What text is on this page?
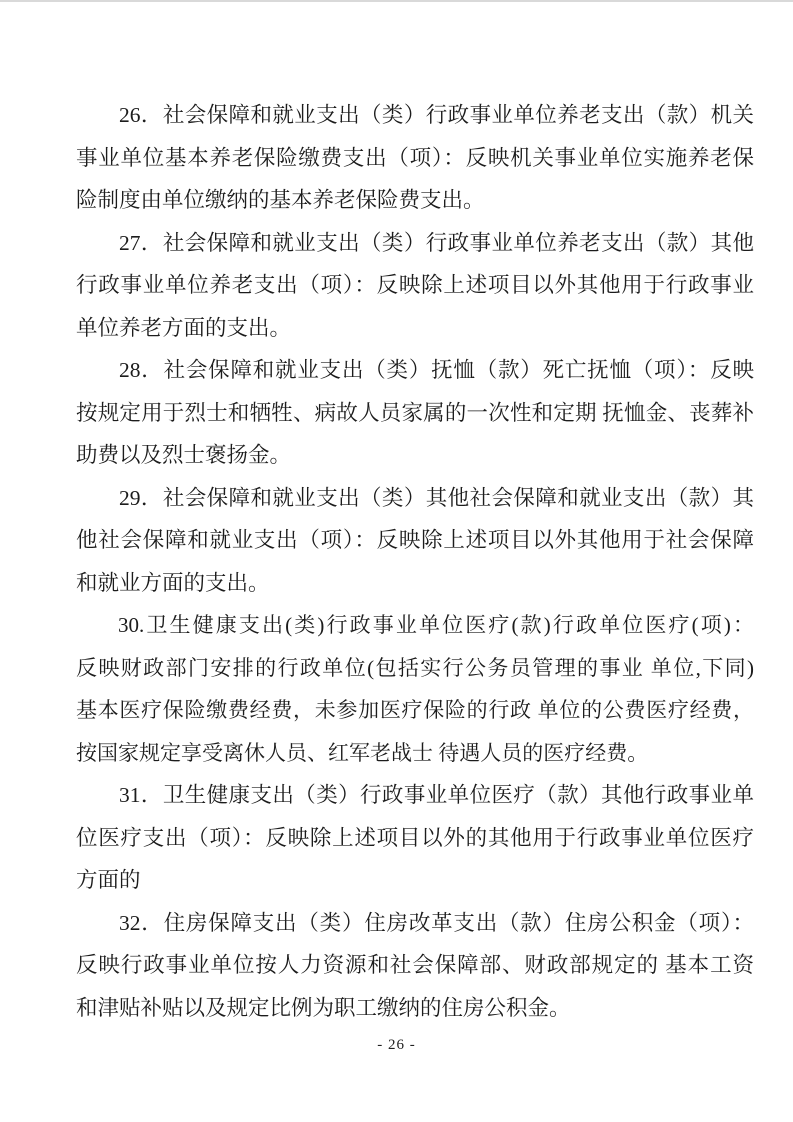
26．社会保障和就业支出（类）行政事业单位养老支出（款）机关
事业单位基本养老保险缴费支出（项）：反映机关事业单位实施养老保
险制度由单位缴纳的基本养老保险费支出。
27．社会保障和就业支出（类）行政事业单位养老支出（款）其他
行政事业单位养老支出（项）：反映除上述项目以外其他用于行政事业
单位养老方面的支出。
28．社会保障和就业支出（类）抚恤（款）死亡抚恤（项）：反映
按规定用于烈士和牺牲、病故人员家属的一次性和定期 抚恤金、丧葬补
助费以及烈士褒扬金。
29．社会保障和就业支出（类）其他社会保障和就业支出（款）其
他社会保障和就业支出（项）：反映除上述项目以外其他用于社会保障
和就业方面的支出。
30.卫生健康支出(类)行政事业单位医疗(款)行政单位医疗(项)：
反映财政部门安排的行政单位(包括实行公务员管理的事业 单位,下同)
基本医疗保险缴费经费，未参加医疗保险的行政 单位的公费医疗经费，
按国家规定享受离休人员、红军老战士 待遇人员的医疗经费。
31．卫生健康支出（类）行政事业单位医疗（款）其他行政事业单
位医疗支出（项）：反映除上述项目以外的其他用于行政事业单位医疗
方面的
32．住房保障支出（类）住房改革支出（款）住房公积金（项）：
反映行政事业单位按人力资源和社会保障部、财政部规定的 基本工资
和津贴补贴以及规定比例为职工缴纳的住房公积金。
- 26 -
